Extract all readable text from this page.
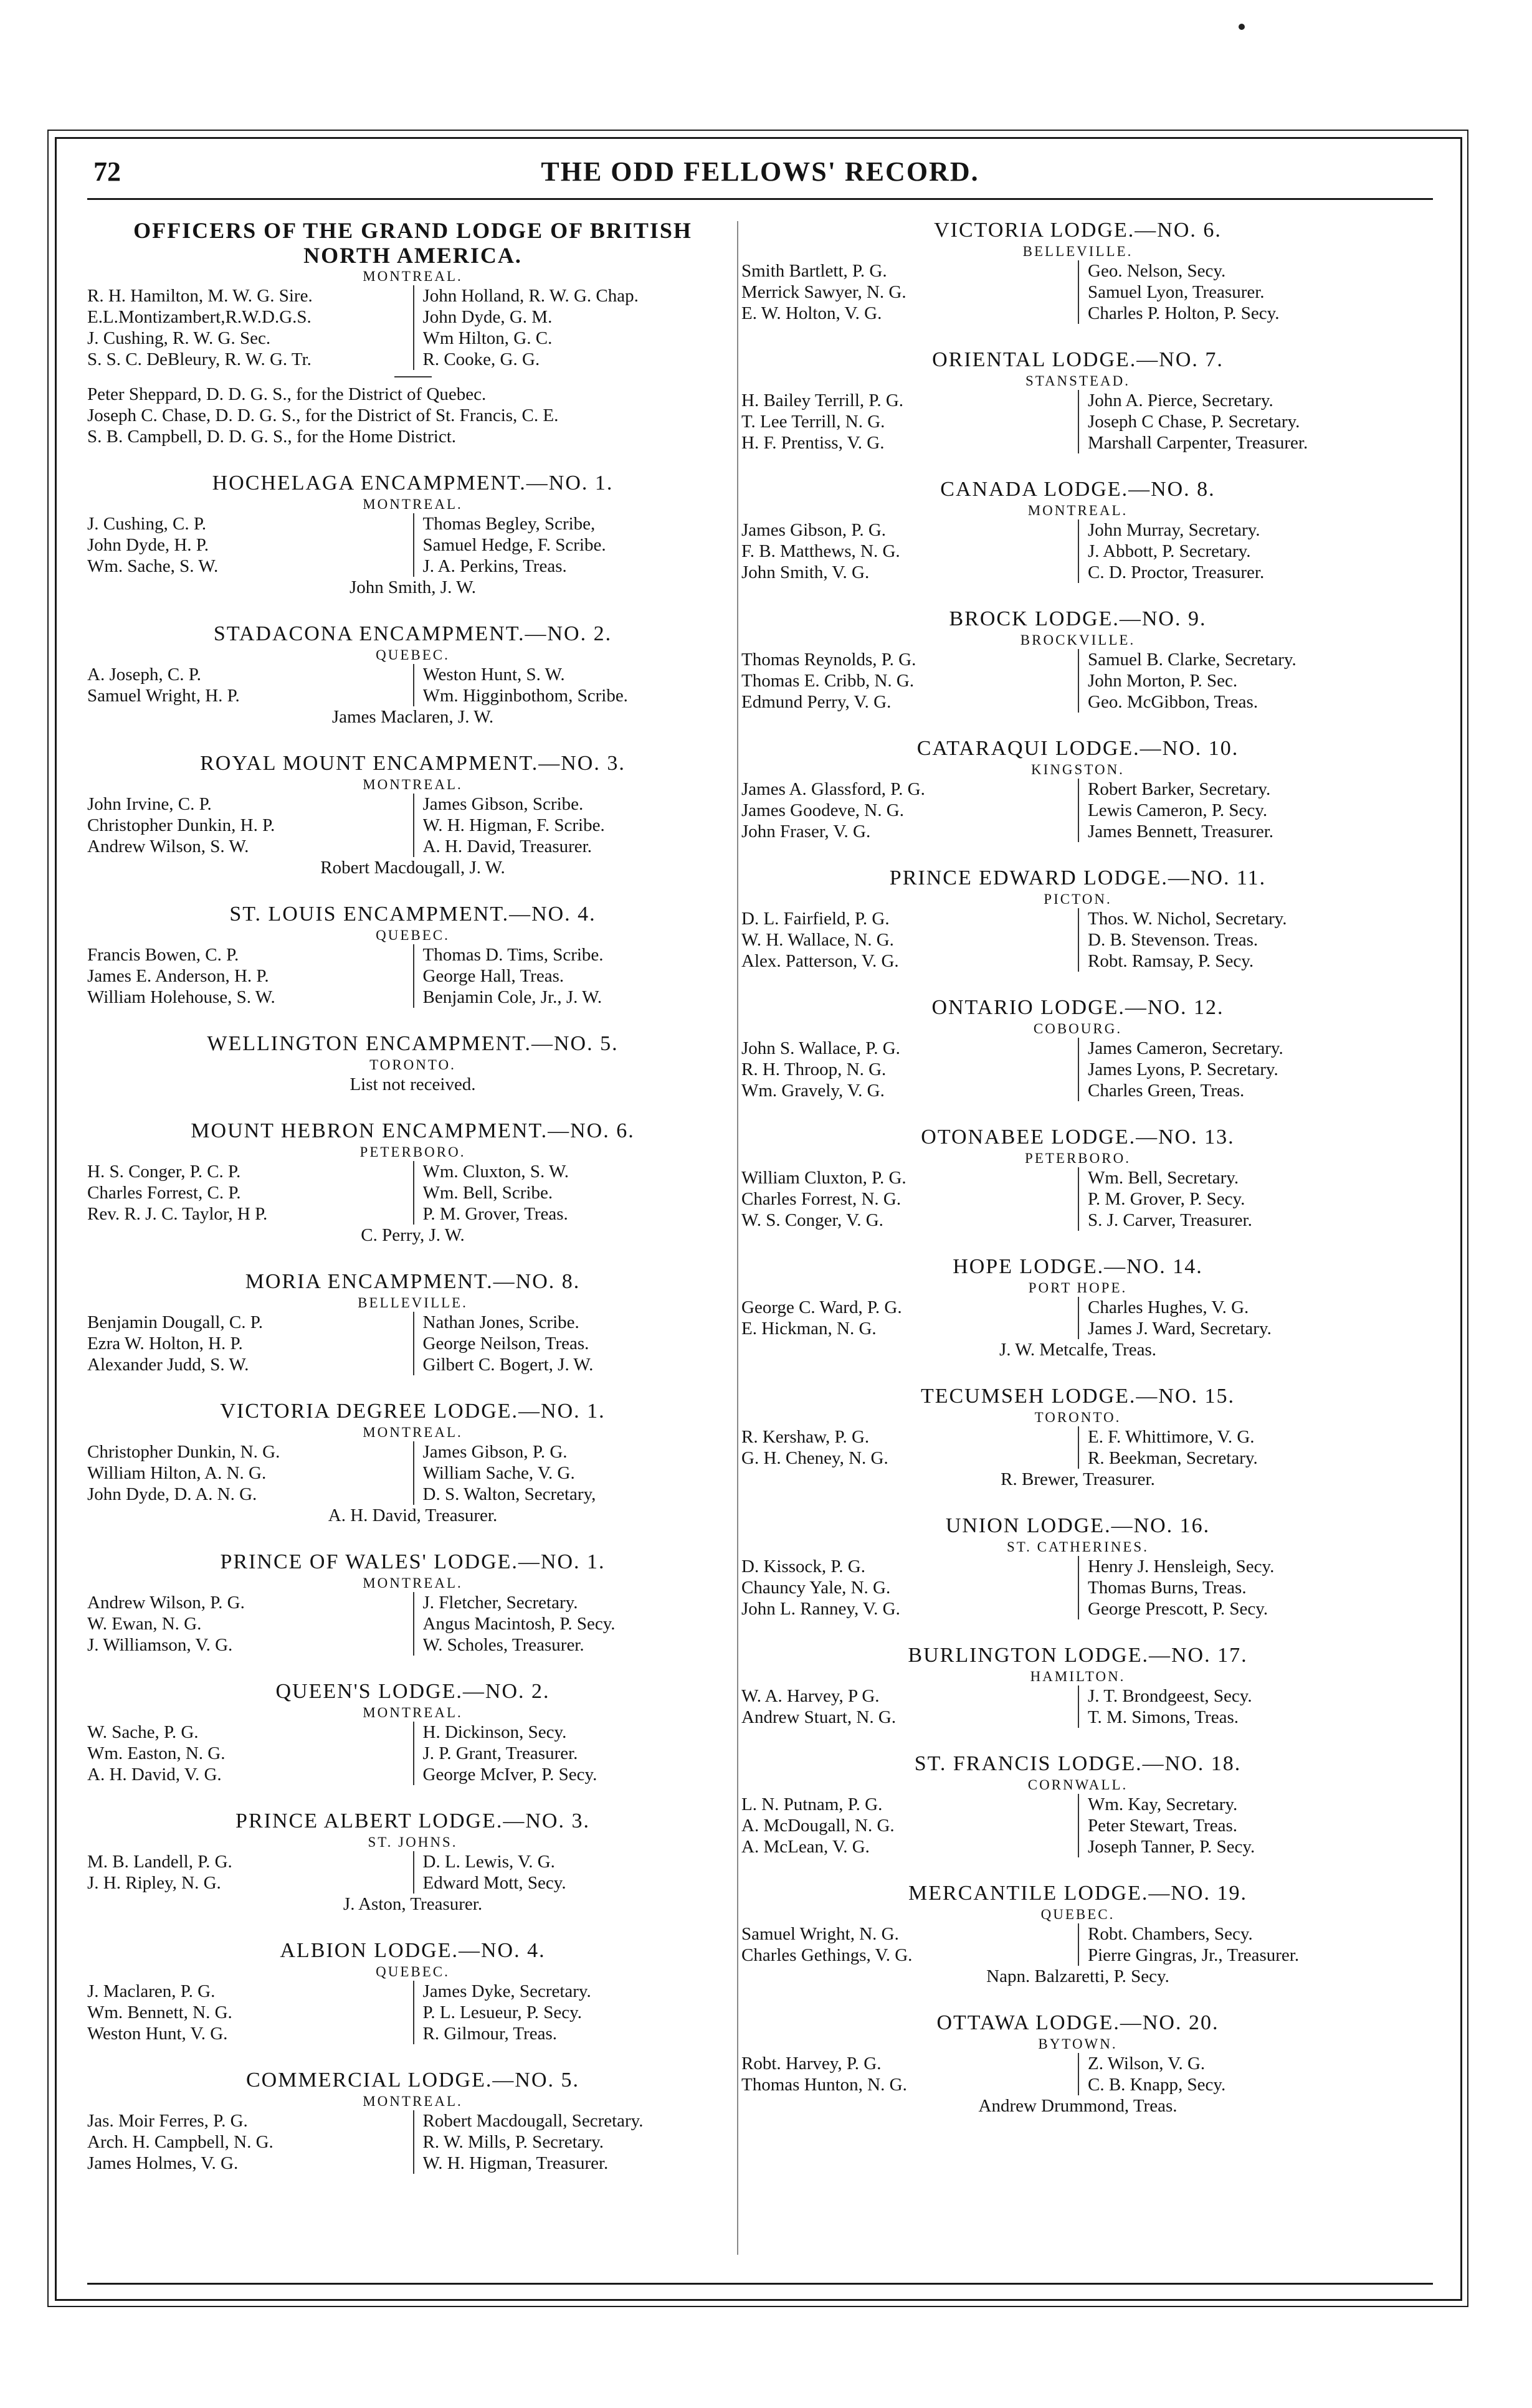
72	THE ODD FELLOWS' RECORD.
OFFICERS OF THE GRAND LODGE OF BRITISH NORTH AMERICA.
MONTREAL.
R. H. Hamilton, M. W. G. Sire.
E.L.Montizambert,R.W.D.G.S.
J. Cushing, R. W. G. Sec.
S. S. C. DeBleury, R. W. G. Tr.
John Holland, R. W. G. Chap.
John Dyde, G. M.
Wm Hilton, G. C.
R. Cooke, G. G.
Peter Sheppard, D. D. G. S., for the District of Quebec.
Joseph C. Chase, D. D. G. S., for the District of St. Francis, C. E.
S. B. Campbell, D. D. G. S., for the Home District.
HOCHELAGA ENCAMPMENT.—NO. 1.
MONTREAL.
J. Cushing, C. P.
John Dyde, H. P.
Wm. Sache, S. W.
Thomas Begley, Scribe,
Samuel Hedge, F. Scribe.
J. A. Perkins, Treas.
John Smith, J. W.
STADACONA ENCAMPMENT.—NO. 2.
QUEBEC.
A. Joseph, C. P.
Samuel Wright, H. P.
Weston Hunt, S. W.
Wm. Higginbothom, Scribe.
James Maclaren, J. W.
ROYAL MOUNT ENCAMPMENT.—NO. 3.
MONTREAL.
John Irvine, C. P.
Christopher Dunkin, H. P.
Andrew Wilson, S. W.
James Gibson, Scribe.
W. H. Higman, F. Scribe.
A. H. David, Treasurer.
Robert Macdougall, J. W.
ST. LOUIS ENCAMPMENT.—NO. 4.
QUEBEC.
Francis Bowen, C. P.
James E. Anderson, H. P.
William Holehouse, S. W.
Thomas D. Tims, Scribe.
George Hall, Treas.
Benjamin Cole, Jr., J. W.
WELLINGTON ENCAMPMENT.—NO. 5.
TORONTO.
List not received.
MOUNT HEBRON ENCAMPMENT.—NO. 6.
PETERBORO.
H. S. Conger, P. C. P.
Charles Forrest, C. P.
Rev. R. J. C. Taylor, H P.
Wm. Cluxton, S. W.
Wm. Bell, Scribe.
P. M. Grover, Treas.
C. Perry, J. W.
MORIA ENCAMPMENT.—NO. 8.
BELLEVILLE.
Benjamin Dougall, C. P.
Ezra W. Holton, H. P.
Alexander Judd, S. W.
Nathan Jones, Scribe.
George Neilson, Treas.
Gilbert C. Bogert, J. W.
VICTORIA DEGREE LODGE.—NO. 1.
MONTREAL.
Christopher Dunkin, N. G.
William Hilton, A. N. G.
John Dyde, D. A. N. G.
James Gibson, P. G.
William Sache, V. G.
D. S. Walton, Secretary,
A. H. David, Treasurer.
PRINCE OF WALES' LODGE.—NO. 1.
MONTREAL.
Andrew Wilson, P. G.
W. Ewan, N. G.
J. Williamson, V. G.
J. Fletcher, Secretary.
Angus Macintosh, P. Secy.
W. Scholes, Treasurer.
QUEEN'S LODGE.—NO. 2.
MONTREAL.
W. Sache, P. G.
Wm. Easton, N. G.
A. H. David, V. G.
H. Dickinson, Secy.
J. P. Grant, Treasurer.
George McIver, P. Secy.
PRINCE ALBERT LODGE.—NO. 3.
ST. JOHNS.
M. B. Landell, P. G.
J. H. Ripley, N. G.
D. L. Lewis, V. G.
Edward Mott, Secy.
J. Aston, Treasurer.
ALBION LODGE.—NO. 4.
QUEBEC.
J. Maclaren, P. G.
Wm. Bennett, N. G.
Weston Hunt, V. G.
James Dyke, Secretary.
P. L. Lesueur, P. Secy.
R. Gilmour, Treas.
COMMERCIAL LODGE.—NO. 5.
MONTREAL.
Jas. Moir Ferres, P. G.
Arch. H. Campbell, N. G.
James Holmes, V. G.
Robert Macdougall, Secretary.
R. W. Mills, P. Secretary.
W. H. Higman, Treasurer.
VICTORIA LODGE.—NO. 6.
BELLEVILLE.
Smith Bartlett, P. G.
Merrick Sawyer, N. G.
E. W. Holton, V. G.
Geo. Nelson, Secy.
Samuel Lyon, Treasurer.
Charles P. Holton, P. Secy.
ORIENTAL LODGE.—NO. 7.
STANSTEAD.
H. Bailey Terrill, P. G.
T. Lee Terrill, N. G.
H. F. Prentiss, V. G.
John A. Pierce, Secretary.
Joseph C Chase, P. Secretary.
Marshall Carpenter, Treasurer.
CANADA LODGE.—NO. 8.
MONTREAL.
James Gibson, P. G.
F. B. Matthews, N. G.
John Smith, V. G.
John Murray, Secretary.
J. Abbott, P. Secretary.
C. D. Proctor, Treasurer.
BROCK LODGE.—NO. 9.
BROCKVILLE.
Thomas Reynolds, P. G.
Thomas E. Cribb, N. G.
Edmund Perry, V. G.
Samuel B. Clarke, Secretary.
John Morton, P. Sec.
Geo. McGibbon, Treas.
CATARAQUI LODGE.—NO. 10.
KINGSTON.
James A. Glassford, P. G.
James Goodeve, N. G.
John Fraser, V. G.
Robert Barker, Secretary.
Lewis Cameron, P. Secy.
James Bennett, Treasurer.
PRINCE EDWARD LODGE.—NO. 11.
PICTON.
D. L. Fairfield, P. G.
W. H. Wallace, N. G.
Alex. Patterson, V. G.
Thos. W. Nichol, Secretary.
D. B. Stevenson. Treas.
Robt. Ramsay, P. Secy.
ONTARIO LODGE.—NO. 12.
COBOURG.
John S. Wallace, P. G.
R. H. Throop, N. G.
Wm. Gravely, V. G.
James Cameron, Secretary.
James Lyons, P. Secretary.
Charles Green, Treas.
OTONABEE LODGE.—NO. 13.
PETERBORO.
William Cluxton, P. G.
Charles Forrest, N. G.
W. S. Conger, V. G.
Wm. Bell, Secretary.
P. M. Grover, P. Secy.
S. J. Carver, Treasurer.
HOPE LODGE.—NO. 14.
PORT HOPE.
George C. Ward, P. G.
E. Hickman, N. G.
Charles Hughes, V. G.
James J. Ward, Secretary.
J. W. Metcalfe, Treas.
TECUMSEH LODGE.—NO. 15.
TORONTO.
R. Kershaw, P. G.
G. H. Cheney, N. G.
E. F. Whittimore, V. G.
R. Beekman, Secretary.
R. Brewer, Treasurer.
UNION LODGE.—NO. 16.
ST. CATHERINES.
D. Kissock, P. G.
Chauncy Yale, N. G.
John L. Ranney, V. G.
Henry J. Hensleigh, Secy.
Thomas Burns, Treas.
George Prescott, P. Secy.
BURLINGTON LODGE.—NO. 17.
HAMILTON.
W. A. Harvey, P G.
Andrew Stuart, N. G.
J. T. Brondgeest, Secy.
T. M. Simons, Treas.
ST. FRANCIS LODGE.—NO. 18.
CORNWALL.
L. N. Putnam, P. G.
A. McDougall, N. G.
A. McLean, V. G.
Wm. Kay, Secretary.
Peter Stewart, Treas.
Joseph Tanner, P. Secy.
MERCANTILE LODGE.—NO. 19.
QUEBEC.
Samuel Wright, N. G.
Charles Gethings, V. G.
Robt. Chambers, Secy.
Pierre Gingras, Jr., Treasurer.
Napn. Balzaretti, P. Secy.
OTTAWA LODGE.—NO. 20.
BYTOWN.
Robt. Harvey, P. G.
Thomas Hunton, N. G.
Z. Wilson, V. G.
C. B. Knapp, Secy.
Andrew Drummond, Treas.
